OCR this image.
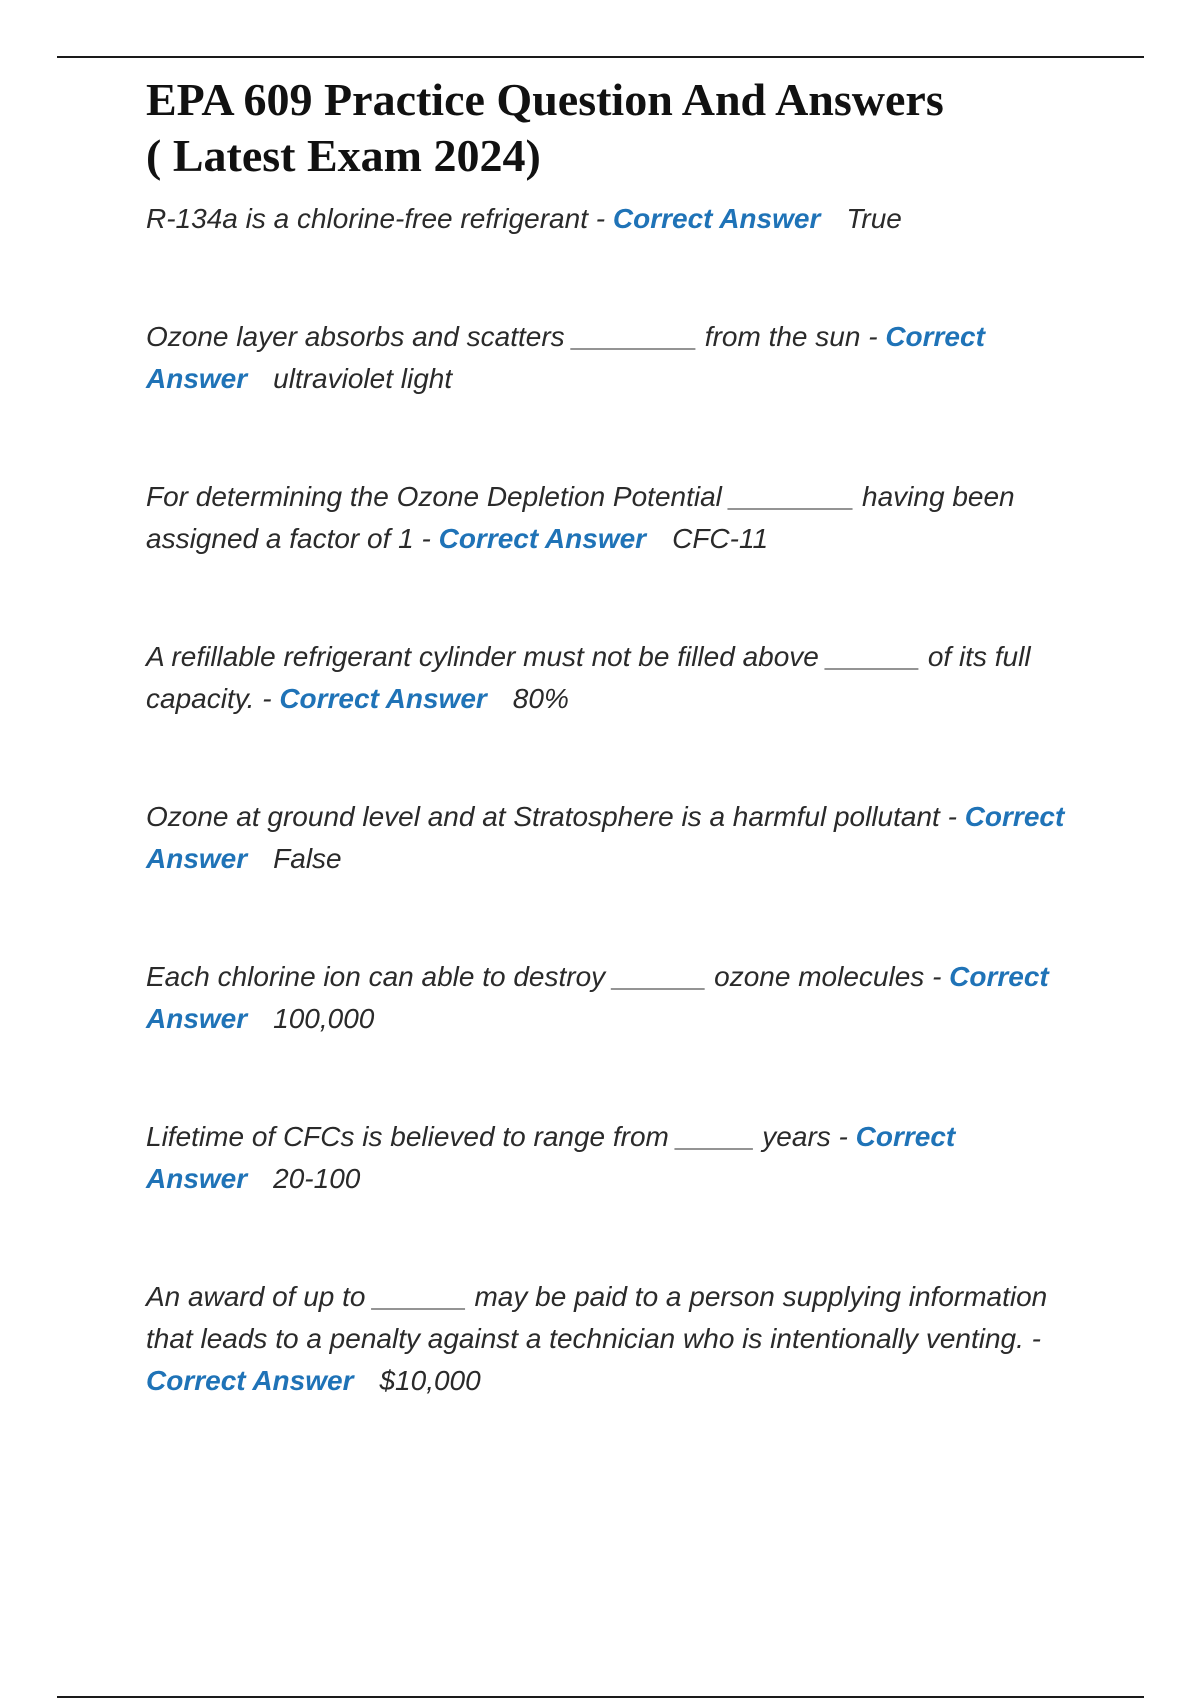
EPA 609 Practice Question And Answers
( Latest Exam 2024)

R-134a is a chlorine-free refrigerant - Correct Answer True

Ozone layer absorbs and scatters ________ from the sun - Correct Answer ultraviolet light

For determining the Ozone Depletion Potential ________ having been assigned a factor of 1 - Correct Answer CFC-11

A refillable refrigerant cylinder must not be filled above ______ of its full capacity. - Correct Answer 80%

Ozone at ground level and at Stratosphere is a harmful pollutant - Correct Answer False

Each chlorine ion can able to destroy ______ ozone molecules - Correct Answer 100,000

Lifetime of CFCs is believed to range from _____ years - Correct Answer 20-100

An award of up to ______ may be paid to a person supplying information that leads to a penalty against a technician who is intentionally venting. - Correct Answer $10,000
